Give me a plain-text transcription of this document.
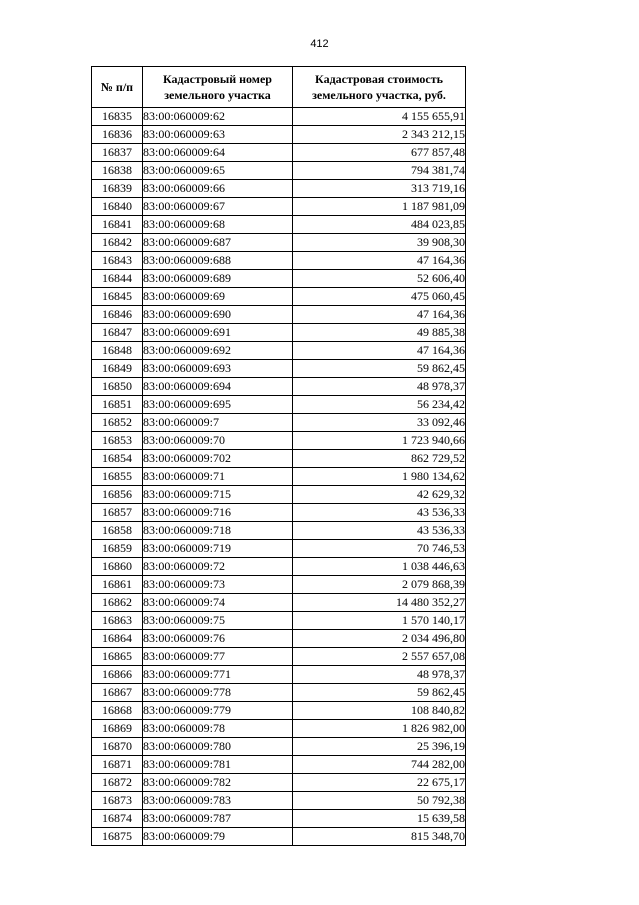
412
№ п/п	Кадастровый номер земельного участка	Кадастровая стоимость земельного участка, руб.
16835	83:00:060009:62	4 155 655,91
16836	83:00:060009:63	2 343 212,15
16837	83:00:060009:64	677 857,48
16838	83:00:060009:65	794 381,74
16839	83:00:060009:66	313 719,16
16840	83:00:060009:67	1 187 981,09
16841	83:00:060009:68	484 023,85
16842	83:00:060009:687	39 908,30
16843	83:00:060009:688	47 164,36
16844	83:00:060009:689	52 606,40
16845	83:00:060009:69	475 060,45
16846	83:00:060009:690	47 164,36
16847	83:00:060009:691	49 885,38
16848	83:00:060009:692	47 164,36
16849	83:00:060009:693	59 862,45
16850	83:00:060009:694	48 978,37
16851	83:00:060009:695	56 234,42
16852	83:00:060009:7	33 092,46
16853	83:00:060009:70	1 723 940,66
16854	83:00:060009:702	862 729,52
16855	83:00:060009:71	1 980 134,62
16856	83:00:060009:715	42 629,32
16857	83:00:060009:716	43 536,33
16858	83:00:060009:718	43 536,33
16859	83:00:060009:719	70 746,53
16860	83:00:060009:72	1 038 446,63
16861	83:00:060009:73	2 079 868,39
16862	83:00:060009:74	14 480 352,27
16863	83:00:060009:75	1 570 140,17
16864	83:00:060009:76	2 034 496,80
16865	83:00:060009:77	2 557 657,08
16866	83:00:060009:771	48 978,37
16867	83:00:060009:778	59 862,45
16868	83:00:060009:779	108 840,82
16869	83:00:060009:78	1 826 982,00
16870	83:00:060009:780	25 396,19
16871	83:00:060009:781	744 282,00
16872	83:00:060009:782	22 675,17
16873	83:00:060009:783	50 792,38
16874	83:00:060009:787	15 639,58
16875	83:00:060009:79	815 348,70
